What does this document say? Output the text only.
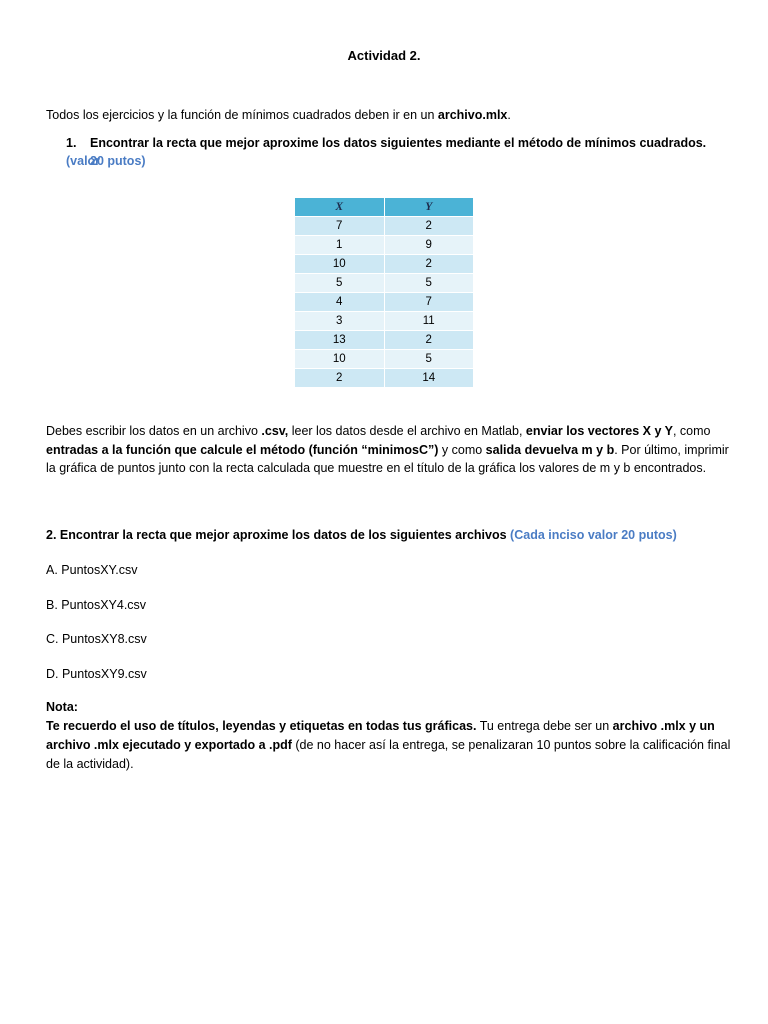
Actividad 2.
Todos los ejercicios y la función de mínimos cuadrados deben ir en un archivo.mlx.
1. Encontrar la recta que mejor aproxime los datos siguientes mediante el método de mínimos cuadrados. (valor
20 putos)
X	Y
7	2
1	9
10	2
5	5
4	7
3	11
13	2
10	5
2	14
Debes escribir los datos en un archivo .csv, leer los datos desde el archivo en Matlab, enviar los vectores X y Y, como
entradas a la función que calcule el método (función “minimosC”) y como salida devuelva m y b. Por último, imprimir
la gráfica de puntos junto con la recta calculada que muestre en el título de la gráfica los valores de m y b encontrados.
2. Encontrar la recta que mejor aproxime los datos de los siguientes archivos (Cada inciso valor 20 putos)
A. PuntosXY.csv
B. PuntosXY4.csv
C. PuntosXY8.csv
D. PuntosXY9.csv
Nota:
Te recuerdo el uso de títulos, leyendas y etiquetas en todas tus gráficas. Tu entrega debe ser un archivo .mlx y un
archivo .mlx ejecutado y exportado a .pdf (de no hacer así la entrega, se penalizaran 10 puntos sobre la calificación final
de la actividad).
